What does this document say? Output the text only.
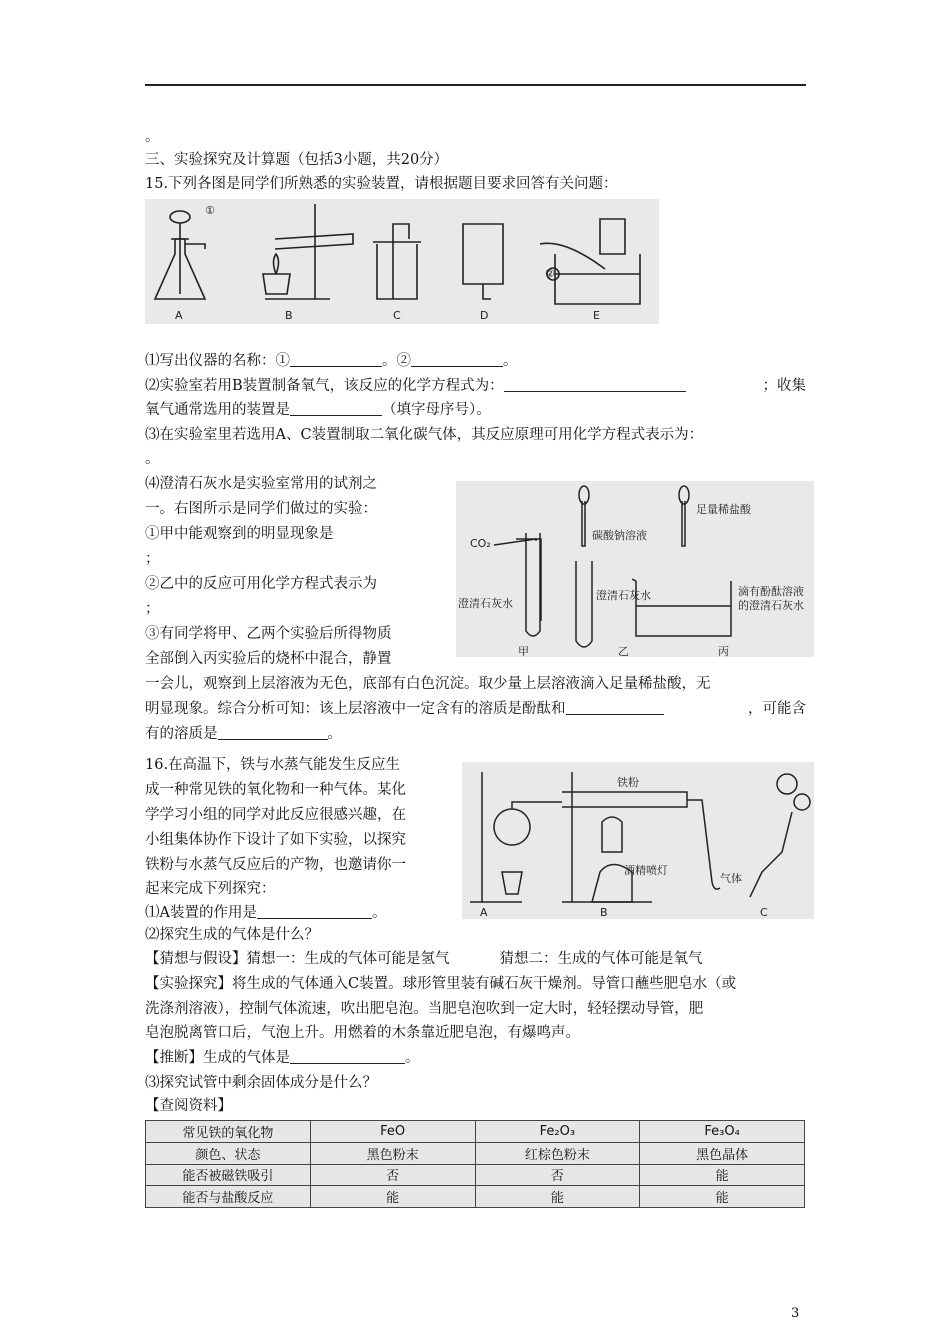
。
三、实验探究及计算题（包括3小题，共20分）
15.下列各图是同学们所熟悉的实验装置，请根据题目要求回答有关问题：
①
②
A	B	C	D	E
⑴写出仪器的名称：①	。②	。
⑵实验室若用B装置制备氧气，该反应的化学方程式为：	；收集
氧气通常选用的装置是	（填字母序号）。
⑶在实验室里若选用A、C装置制取二氧化碳气体，其反应原理可用化学方程式表示为：
。
⑷澄清石灰水是实验室常用的试剂之
一。右图所示是同学们做过的实验：
①甲中能观察到的明显现象是
；
②乙中的反应可用化学方程式表示为
；
③有同学将甲、乙两个实验后所得物质
全部倒入丙实验后的烧杯中混合，静置
一会儿，观察到上层溶液为无色，底部有白色沉淀。取少量上层溶液滴入足量稀盐酸，无
明显现象。综合分析可知：该上层溶液中一定含有的溶质是酚酞和	，可能含
有的溶质是	。
CO₂
澄清石灰水
碳酸钠溶液
澄清石灰水
足量稀盐酸
滴有酚酞溶液
的澄清石灰水
甲	乙	丙
16.在高温下，铁与水蒸气能发生反应生
成一种常见铁的氧化物和一种气体。某化
学学习小组的同学对此反应很感兴趣，在
小组集体协作下设计了如下实验，以探究
铁粉与水蒸气反应后的产物，也邀请你一
起来完成下列探究：
⑴A装置的作用是	。
铁粉
酒精喷灯
气体
A	B	C
⑵探究生成的气体是什么？
【猜想与假设】猜想一：生成的气体可能是氢气	猜想二：生成的气体可能是氧气
【实验探究】将生成的气体通入C装置。球形管里装有碱石灰干燥剂。导管口蘸些肥皂水（或
洗涤剂溶液），控制气体流速，吹出肥皂泡。当肥皂泡吹到一定大时，轻轻摆动导管，肥
皂泡脱离管口后，气泡上升。用燃着的木条靠近肥皂泡，有爆鸣声。
【推断】生成的气体是	。
⑶探究试管中剩余固体成分是什么？
【查阅资料】
常见铁的氧化物	FeO	Fe₂O₃	Fe₃O₄
颜色、状态	黑色粉末	红棕色粉末	黑色晶体
能否被磁铁吸引	否	否	能
能否与盐酸反应	能	能	能
3
